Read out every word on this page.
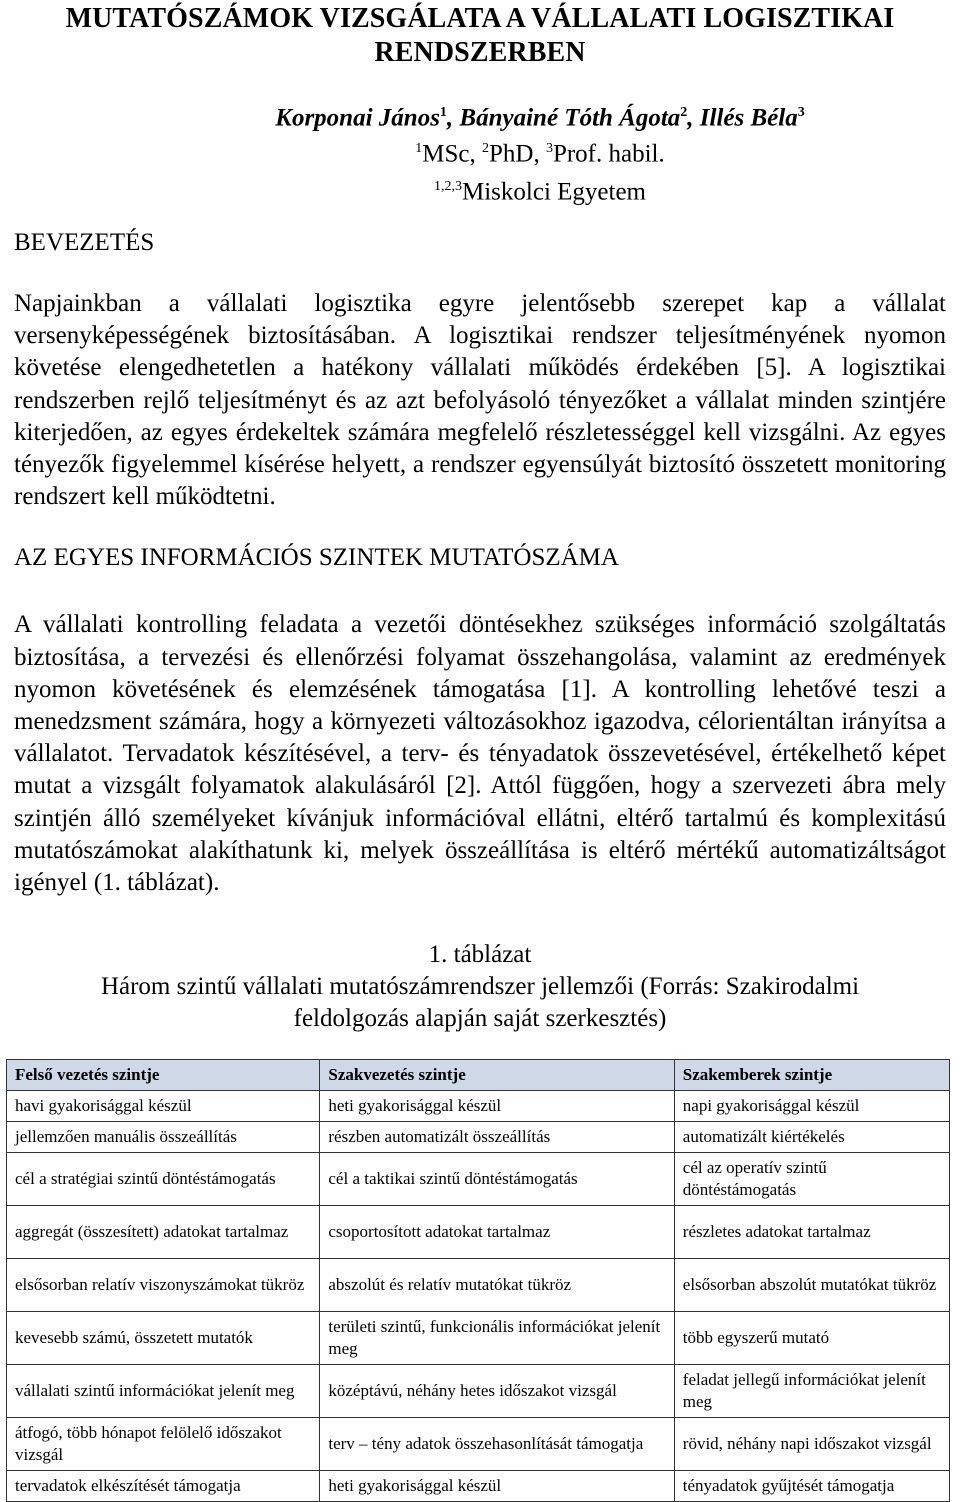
MUTATÓSZÁMOK VIZSGÁLATA A VÁLLALATI LOGISZTIKAI RENDSZERBEN
Korponai János$^1$, Bányainé Tóth Ágota$^2$, Illés Béla$^3$
$^1$MSc, $^2$PhD, $^3$Prof. habil.
$^{1,2,3}$Miskolci Egyetem
BEVEZETÉS

Napjainkban a vállalati logisztika egyre jelentősebb szerepet kap a vállalat versenyképességének biztosításában. A logisztikai rendszer teljesítményének nyomon követése elengedhetetlen a hatékony vállalati működés érdekében [5]. A logisztikai rendszerben rejlő teljesítményt és az azt befolyásoló tényezőket a vállalat minden szintjére kiterjedően, az egyes érdekeltek számára megfelelő részletességgel kell vizsgálni. Az egyes tényezők figyelemmel kísérése helyett, a rendszer egyensúlyát biztosító összetett monitoring rendszert kell működtetni.

AZ EGYES INFORMÁCIÓS SZINTEK MUTATÓSZÁMA

A vállalati kontrolling feladata a vezetői döntésekhez szükséges információ szolgáltatás biztosítása, a tervezési és ellenőrzési folyamat összehangolása, valamint az eredmények nyomon követésének és elemzésének támogatása [1]. A kontrolling lehetővé teszi a menedzsment számára, hogy a környezeti változásokhoz igazodva, célorientáltan irányítsa a vállalatot. Tervadatok készítésével, a terv- és tényadatok összevetésével, értékelhető képet mutat a vizsgált folyamatok alakulásáról [2]. Attól függően, hogy a szervezeti ábra mely szintjén álló személyeket kívánjuk információval ellátni, eltérő tartalmú és komplexitású mutatószámokat alakíthatunk ki, melyek összeállítása is eltérő mértékű automatizáltságot igényel (1. táblázat).

1. táblázat
Három szintű vállalati mutatószámrendszer jellemzői (Forrás: Szakirodalmi
feldolgozás alapján saját szerkesztés)
Felső vezetés szintje	Szakvezetés szintje	Szakemberek szintje
havi gyakorisággal készül	heti gyakorisággal készül	napi gyakorisággal készül
jellemzően manuális összeállítás	részben automatizált összeállítás	automatizált kiértékelés
cél a stratégiai szintű döntéstámogatás	cél a taktikai szintű döntéstámogatás	cél az operatív szintű döntéstámogatás
aggregát (összesített) adatokat tartalmaz	csoportosított adatokat tartalmaz	részletes adatokat tartalmaz
elsősorban relatív viszonyszámokat tükröz	abszolút és relatív mutatókat tükröz	elsősorban abszolút mutatókat tükröz
kevesebb számú, összetett mutatók	területi szintű, funkcionális információkat jelenít meg	több egyszerű mutató
vállalati szintű információkat jelenít meg	középtávú, néhány hetes időszakot vizsgál	feladat jellegű információkat jelenít meg
átfogó, több hónapot felölelő időszakot vizsgál	terv – tény adatok összehasonlítását támogatja	rövid, néhány napi időszakot vizsgál
tervadatok elkészítését támogatja	heti gyakorisággal készül	tényadatok gyűjtését támogatja
